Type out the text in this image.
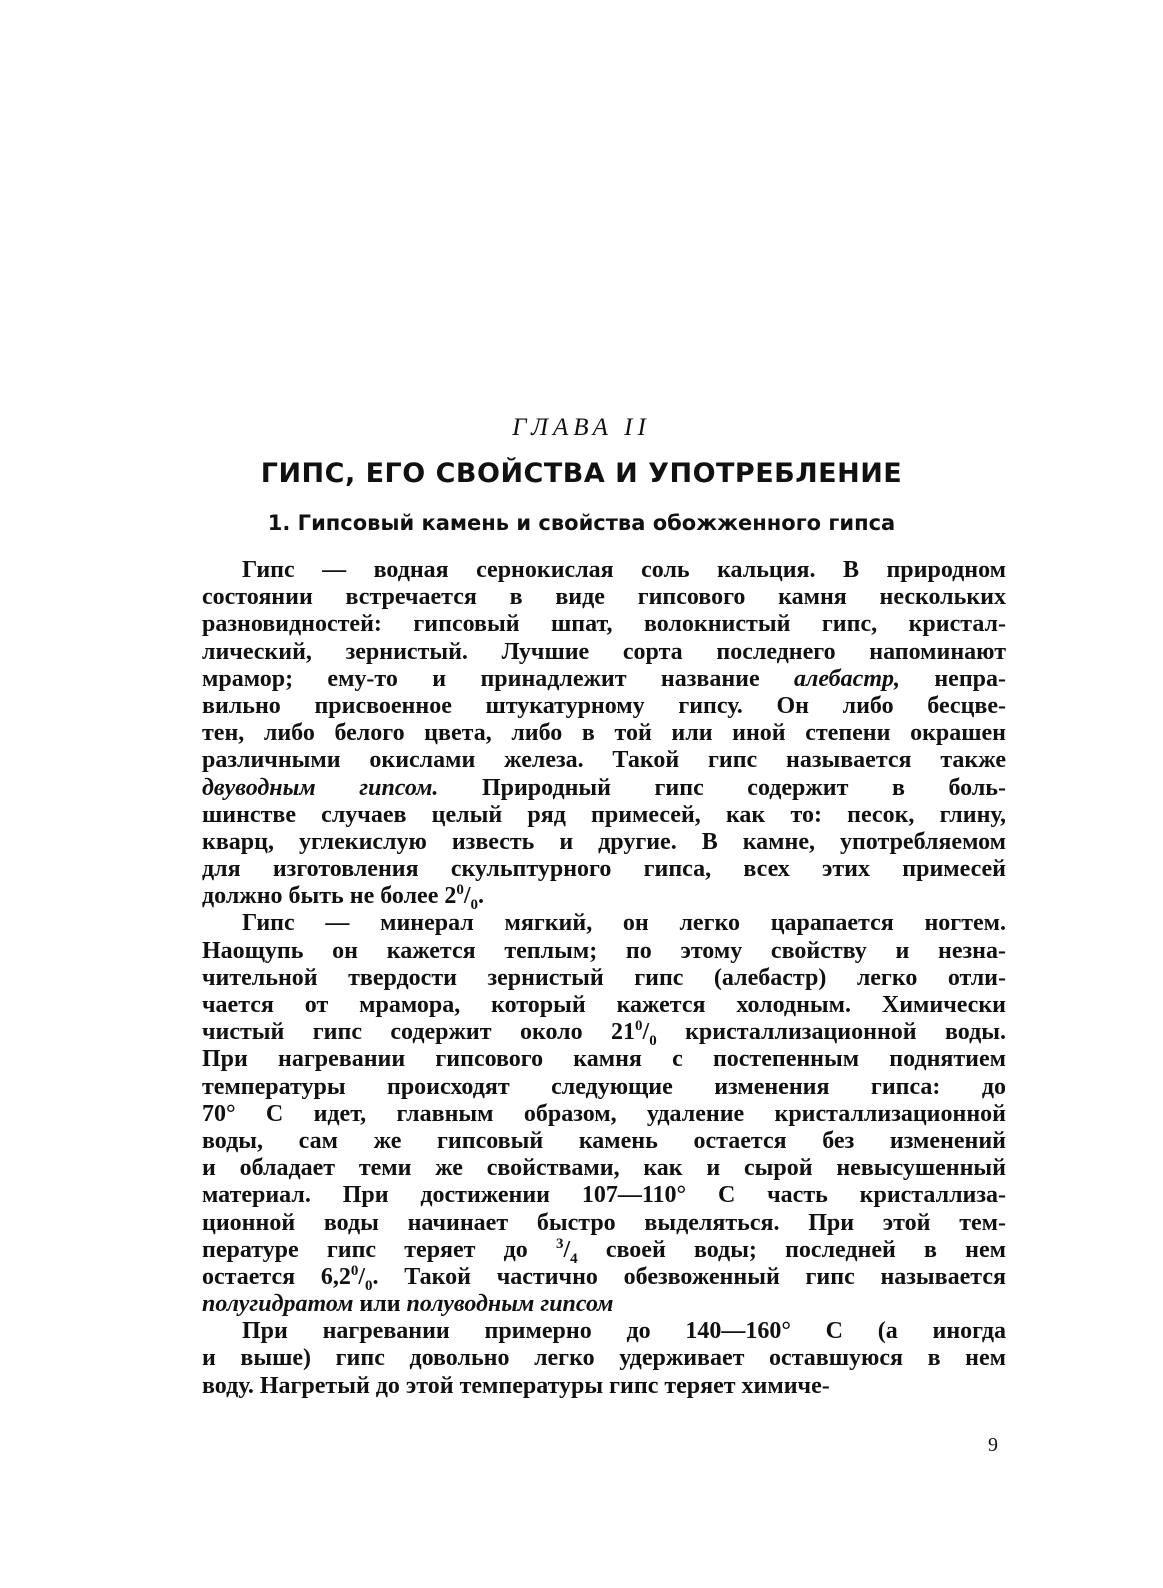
ГЛАВА II

ГИПС, ЕГО СВОЙСТВА И УПОТРЕБЛЕНИЕ
1. Гипсовый камень и свойства обожженного гипса
Гипс — водная сернокислая соль кальция. В природном
состоянии встречается в виде гипсового камня нескольких
разновидностей: гипсовый шпат, волокнистый гипс, кристал-
лический, зернистый. Лучшие сорта последнего напоминают
мрамор; ему-то и принадлежит название алебастр, непра-
вильно присвоенное штукатурному гипсу. Он либо бесцве-
тен, либо белого цвета, либо в той или иной степени окрашен
различными окислами железа. Такой гипс называется также
двуводным гипсом. Природный гипс содержит в боль-
шинстве случаев целый ряд примесей, как то: песок, глину,
кварц, углекислую известь и другие. В камне, употребляемом
для изготовления скульптурного гипса, всех этих примесей
должно быть не более $2^0/_0$.
Гипс — минерал мягкий, он легко царапается ногтем.
Наощупь он кажется теплым; по этому свойству и незна-
чительной твердости зернистый гипс (алебастр) легко отли-
чается от мрамора, который кажется холодным. Химически
чистый гипс содержит около $21^0/_0$ кристаллизационной воды.
При нагревании гипсового камня с постепенным поднятием
температуры происходят следующие изменения гипса: до
70° С идет, главным образом, удаление кристаллизационной
воды, сам же гипсовый камень остается без изменений
и обладает теми же свойствами, как и сырой невысушенный
материал. При достижении 107—110° С часть кристаллиза-
ционной воды начинает быстро выделяться. При этой тем-
пературе гипс теряет до $^3/_4$ своей воды; последней в нем
остается $6,2^0/_0$. Такой частично обезвоженный гипс называется
полугидратом или полуводным гипсом
При нагревании примерно до 140—160° С (а иногда
и выше) гипс довольно легко удерживает оставшуюся в нем
воду. Нагретый до этой температуры гипс теряет химиче-

9
